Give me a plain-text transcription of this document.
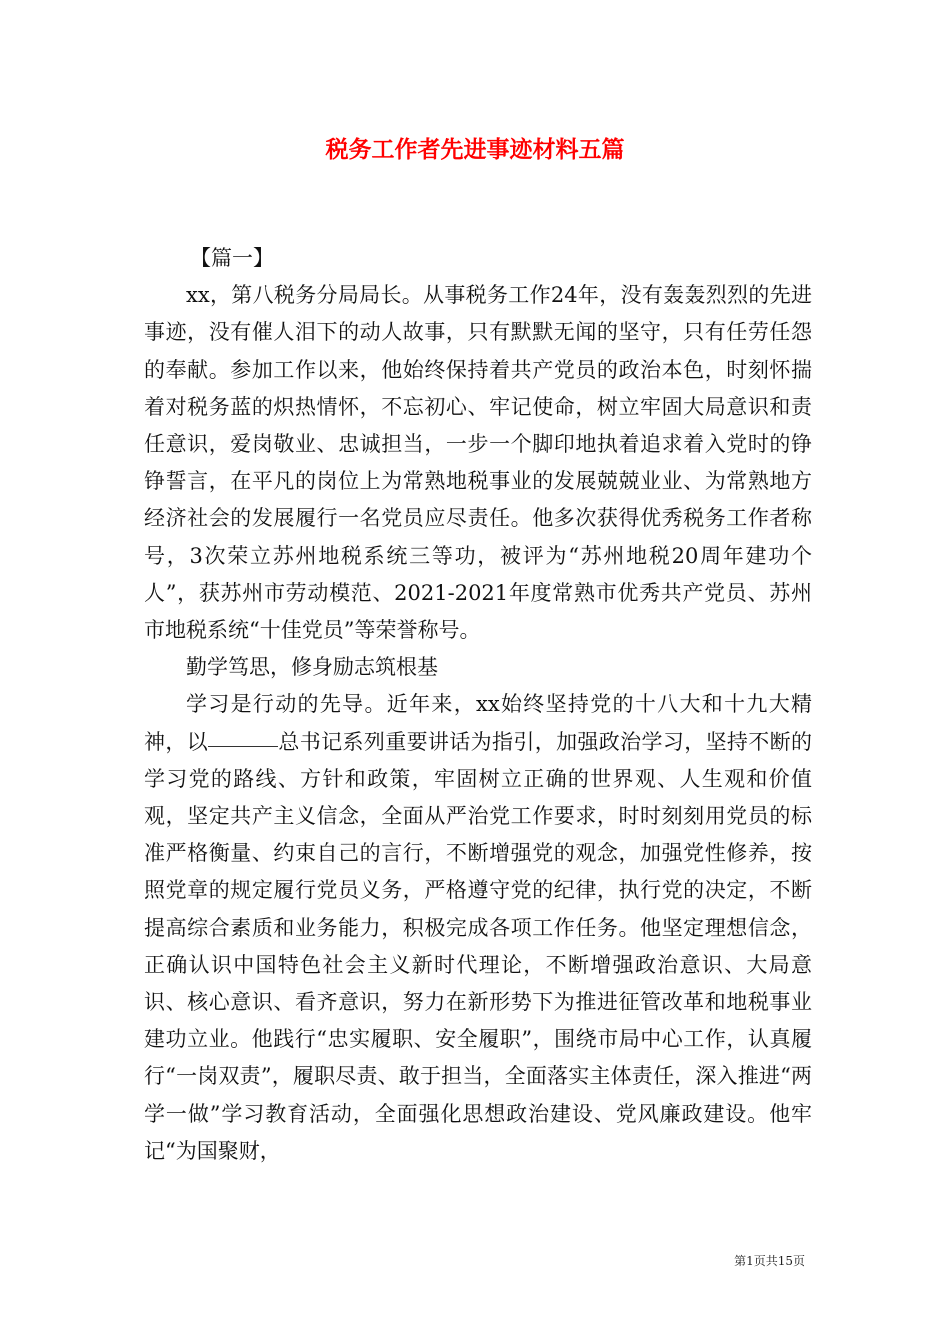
税务工作者先进事迹材料五篇

【篇一】

xx，第八税务分局局长。从事税务工作24年，没有轰轰烈烈的先进事迹，没有催人泪下的动人故事，只有默默无闻的坚守，只有任劳任怨的奉献。参加工作以来，他始终保持着共产党员的政治本色，时刻怀揣着对税务蓝的炽热情怀，不忘初心、牢记使命，树立牢固大局意识和责任意识，爱岗敬业、忠诚担当，一步一个脚印地执着追求着入党时的铮铮誓言，在平凡的岗位上为常熟地税事业的发展兢兢业业、为常熟地方经济社会的发展履行一名党员应尽责任。他多次获得优秀税务工作者称号，3次荣立苏州地税系统三等功，被评为“苏州地税20周年建功个人”，获苏州市劳动模范、2021-2021年度常熟市优秀共产党员、苏州市地税系统“十佳党员”等荣誉称号。

勤学笃思，修身励志筑根基

学习是行动的先导。近年来，xx始终坚持党的十八大和十九大精神，以	总书记系列重要讲话为指引，加强政治学习，坚持不断的学习党的路线、方针和政策，牢固树立正确的世界观、人生观和价值观，坚定共产主义信念，全面从严治党工作要求，时时刻刻用党员的标准严格衡量、约束自己的言行，不断增强党的观念，加强党性修养，按照党章的规定履行党员义务，严格遵守党的纪律，执行党的决定，不断提高综合素质和业务能力，积极完成各项工作任务。他坚定理想信念，正确认识中国特色社会主义新时代理论，不断增强政治意识、大局意识、核心意识、看齐意识，努力在新形势下为推进征管改革和地税事业建功立业。他践行“忠实履职、安全履职”，围绕市局中心工作，认真履行“一岗双责”，履职尽责、敢于担当，全面落实主体责任，深入推进“两学一做”学习教育活动，全面强化思想政治建设、党风廉政建设。他牢记“为国聚财，

第1页共15页
